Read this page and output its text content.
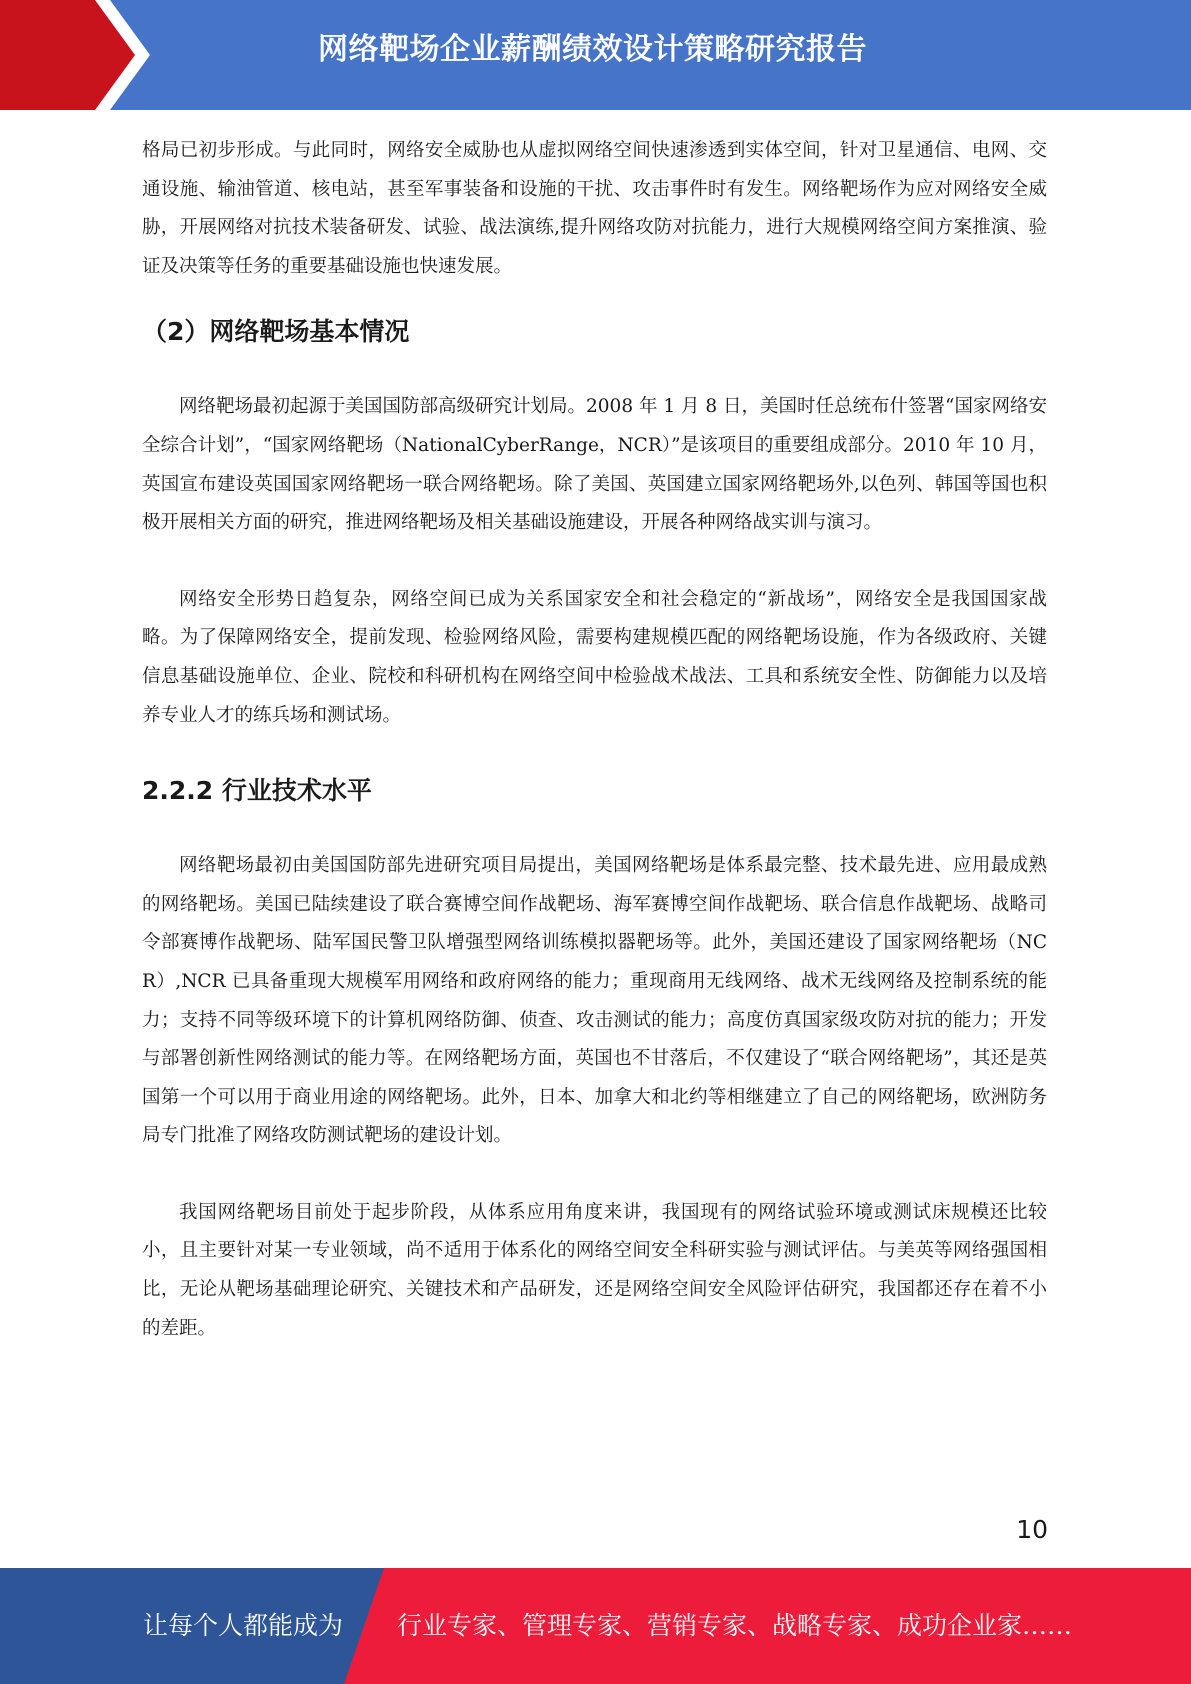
网络靶场企业薪酬绩效设计策略研究报告

格局已初步形成。与此同时，网络安全威胁也从虚拟网络空间快速渗透到实体空间，针对卫星通信、电网、交通设施、输油管道、核电站，甚至军事装备和设施的干扰、攻击事件时有发生。网络靶场作为应对网络安全威胁，开展网络对抗技术装备研发、试验、战法演练,提升网络攻防对抗能力，进行大规模网络空间方案推演、验证及决策等任务的重要基础设施也快速发展。

（2）网络靶场基本情况

网络靶场最初起源于美国国防部高级研究计划局。2008 年 1 月 8 日，美国时任总统布什签署“国家网络安全综合计划”，“国家网络靶场（NationalCyberRange，NCR）”是该项目的重要组成部分。2010 年 10 月，英国宣布建设英国国家网络靶场一联合网络靶场。除了美国、英国建立国家网络靶场外,以色列、韩国等国也积极开展相关方面的研究，推进网络靶场及相关基础设施建设，开展各种网络战实训与演习。

网络安全形势日趋复杂，网络空间已成为关系国家安全和社会稳定的“新战场”，网络安全是我国国家战略。为了保障网络安全，提前发现、检验网络风险，需要构建规模匹配的网络靶场设施，作为各级政府、关键信息基础设施单位、企业、院校和科研机构在网络空间中检验战术战法、工具和系统安全性、防御能力以及培养专业人才的练兵场和测试场。

2.2.2 行业技术水平

网络靶场最初由美国国防部先进研究项目局提出，美国网络靶场是体系最完整、技术最先进、应用最成熟的网络靶场。美国已陆续建设了联合赛博空间作战靶场、海军赛博空间作战靶场、联合信息作战靶场、战略司令部赛博作战靶场、陆军国民警卫队增强型网络训练模拟器靶场等。此外，美国还建设了国家网络靶场（NCR）,NCR 已具备重现大规模军用网络和政府网络的能力；重现商用无线网络、战术无线网络及控制系统的能力；支持不同等级环境下的计算机网络防御、侦查、攻击测试的能力；高度仿真国家级攻防对抗的能力；开发与部署创新性网络测试的能力等。在网络靶场方面，英国也不甘落后，不仅建设了“联合网络靶场”，其还是英国第一个可以用于商业用途的网络靶场。此外，日本、加拿大和北约等相继建立了自己的网络靶场，欧洲防务局专门批准了网络攻防测试靶场的建设计划。

我国网络靶场目前处于起步阶段，从体系应用角度来讲，我国现有的网络试验环境或测试床规模还比较小，且主要针对某一专业领域，尚不适用于体系化的网络空间安全科研实验与测试评估。与美英等网络强国相比，无论从靶场基础理论研究、关键技术和产品研发，还是网络空间安全风险评估研究，我国都还存在着不小的差距。

10
让每个人都能成为 行业专家、管理专家、营销专家、战略专家、成功企业家……
